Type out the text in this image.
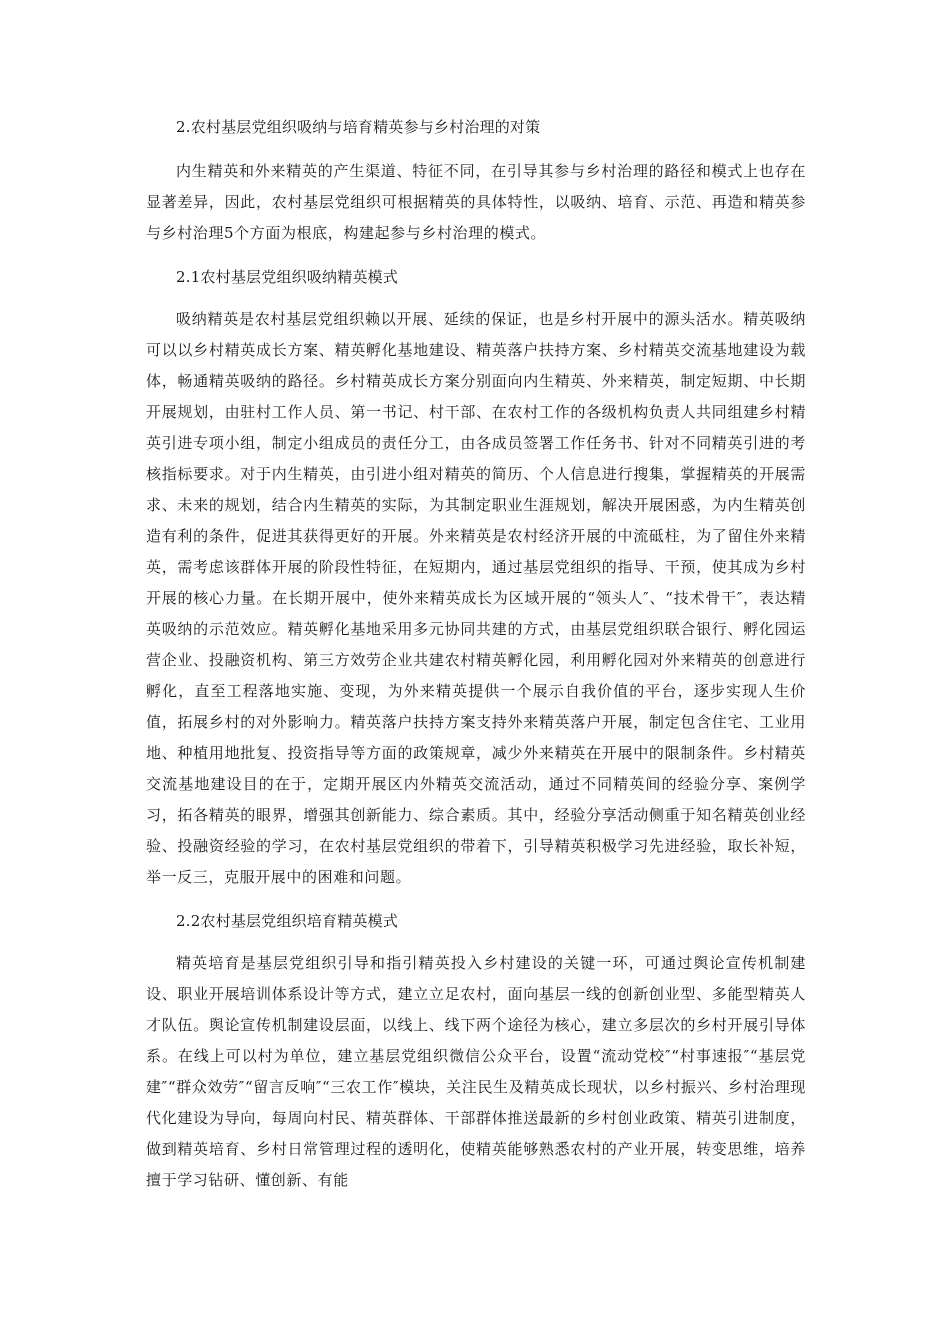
2.农村基层党组织吸纳与培育精英参与乡村治理的对策

内生精英和外来精英的产生渠道、特征不同，在引导其参与乡村治理的路径和模式上也存在显著差异，因此，农村基层党组织可根据精英的具体特性，以吸纳、培育、示范、再造和精英参与乡村治理5个方面为根底，构建起参与乡村治理的模式。

2.1农村基层党组织吸纳精英模式

吸纳精英是农村基层党组织赖以开展、延续的保证，也是乡村开展中的源头活水。精英吸纳可以以乡村精英成长方案、精英孵化基地建设、精英落户扶持方案、乡村精英交流基地建设为载体，畅通精英吸纳的路径。乡村精英成长方案分别面向内生精英、外来精英，制定短期、中长期开展规划，由驻村工作人员、第一书记、村干部、在农村工作的各级机构负责人共同组建乡村精英引进专项小组，制定小组成员的责任分工，由各成员签署工作任务书、针对不同精英引进的考核指标要求。对于内生精英，由引进小组对精英的简历、个人信息进行搜集，掌握精英的开展需求、未来的规划，结合内生精英的实际，为其制定职业生涯规划，解决开展困惑，为内生精英创造有利的条件，促进其获得更好的开展。外来精英是农村经济开展的中流砥柱，为了留住外来精英，需考虑该群体开展的阶段性特征，在短期内，通过基层党组织的指导、干预，使其成为乡村开展的核心力量。在长期开展中，使外来精英成长为区域开展的“领头人″、“技术骨干″，表达精英吸纳的示范效应。精英孵化基地采用多元协同共建的方式，由基层党组织联合银行、孵化园运营企业、投融资机构、第三方效劳企业共建农村精英孵化园，利用孵化园对外来精英的创意进行孵化，直至工程落地实施、变现，为外来精英提供一个展示自我价值的平台，逐步实现人生价值，拓展乡村的对外影响力。精英落户扶持方案支持外来精英落户开展，制定包含住宅、工业用地、种植用地批复、投资指导等方面的政策规章，减少外来精英在开展中的限制条件。乡村精英交流基地建设目的在于，定期开展区内外精英交流活动，通过不同精英间的经验分享、案例学习，拓各精英的眼界，增强其创新能力、综合素质。其中，经验分享活动侧重于知名精英创业经验、投融资经验的学习，在农村基层党组织的带着下，引导精英积极学习先进经验，取长补短，举一反三，克服开展中的困难和问题。

2.2农村基层党组织培育精英模式

精英培育是基层党组织引导和指引精英投入乡村建设的关键一环，可通过舆论宣传机制建设、职业开展培训体系设计等方式，建立立足农村，面向基层一线的创新创业型、多能型精英人才队伍。舆论宣传机制建设层面，以线上、线下两个途径为核心，建立多层次的乡村开展引导体系。在线上可以村为单位，建立基层党组织微信公众平台，设置“流动党校″“村事速报″“基层党建″“群众效劳″“留言反响″“三农工作″模块，关注民生及精英成长现状，以乡村振兴、乡村治理现代化建设为导向，每周向村民、精英群体、干部群体推送最新的乡村创业政策、精英引进制度，做到精英培育、乡村日常管理过程的透明化，使精英能够熟悉农村的产业开展，转变思维，培养擅于学习钻研、懂创新、有能
